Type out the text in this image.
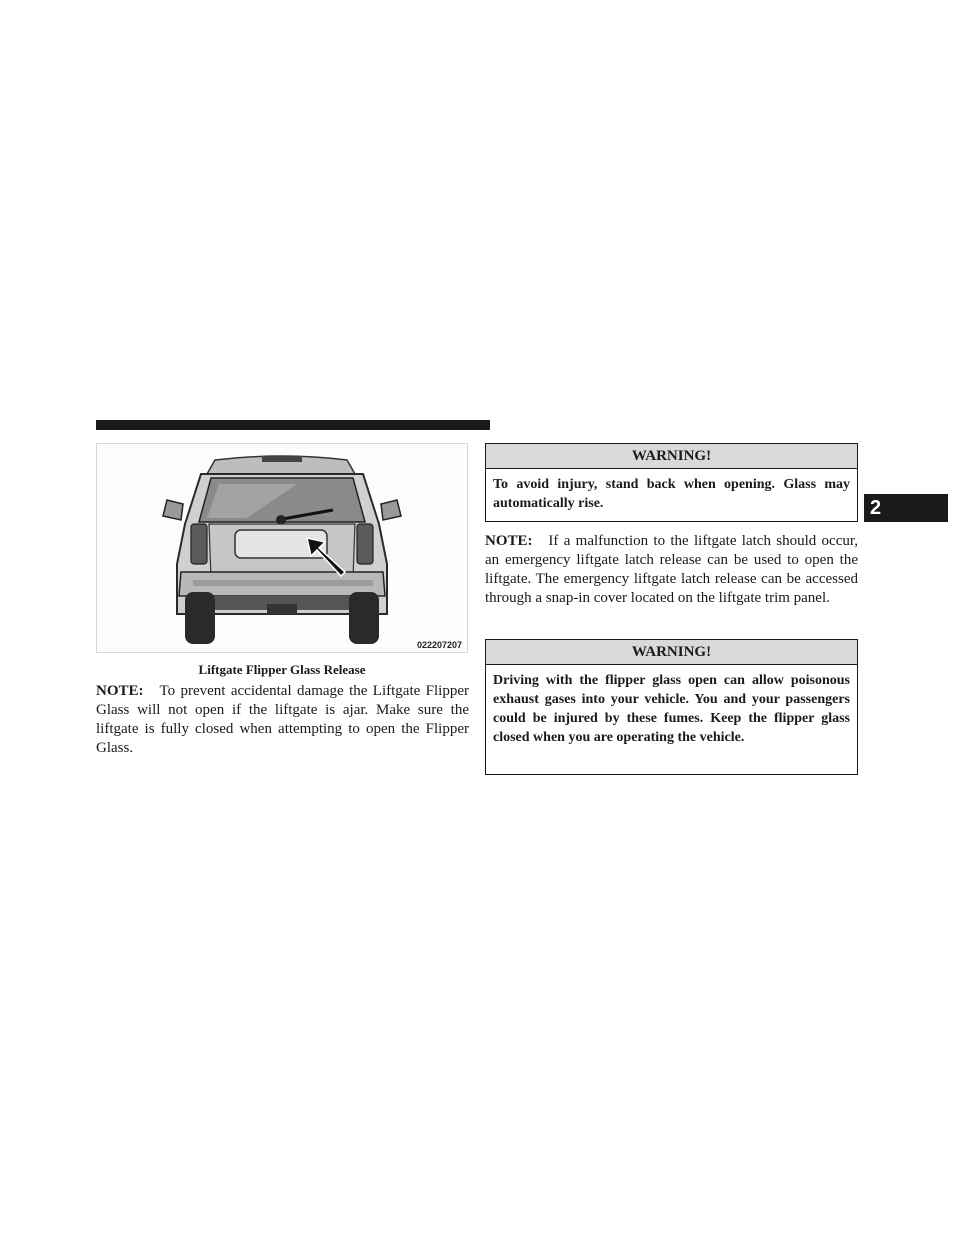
022207207
Liftgate Flipper Glass Release

NOTE: To prevent accidental damage the Liftgate Flipper Glass will not open if the liftgate is ajar. Make sure the liftgate is fully closed when attempting to open the Flipper Glass.

WARNING!
To avoid injury, stand back when opening. Glass may automatically rise.

NOTE: If a malfunction to the liftgate latch should occur, an emergency liftgate latch release can be used to open the liftgate. The emergency liftgate latch release can be accessed through a snap-in cover located on the liftgate trim panel.

WARNING!
Driving with the flipper glass open can allow poisonous exhaust gases into your vehicle. You and your passengers could be injured by these fumes. Keep the flipper glass closed when you are operating the vehicle.
2
